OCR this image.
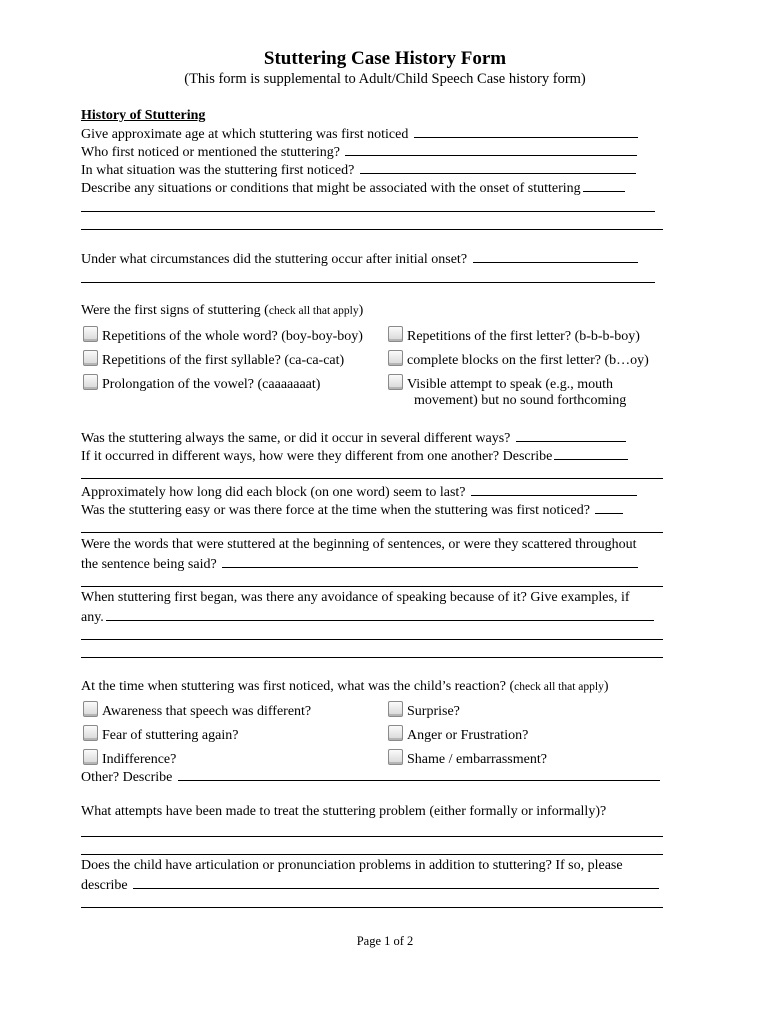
Stuttering Case History Form
(This form is supplemental to Adult/Child Speech Case history form)
History of Stuttering
Give approximate age at which stuttering was first noticed
Who first noticed or mentioned the stuttering?
In what situation was the stuttering first noticed?
Describe any situations or conditions that might be associated with the onset of stuttering
Under what circumstances did the stuttering occur after initial onset?
Were the first signs of stuttering (check all that apply)
Repetitions of the whole word? (boy-boy-boy)	Repetitions of the first letter? (b-b-b-boy)
Repetitions of the first syllable? (ca-ca-cat)	complete blocks on the first letter? (b…oy)
Prolongation of the vowel? (caaaaaaat)	Visible attempt to speak (e.g., mouth
movement) but no sound forthcoming
Was the stuttering always the same, or did it occur in several different ways?
If it occurred in different ways, how were they different from one another? Describe
Approximately how long did each block (on one word) seem to last?
Was the stuttering easy or was there force at the time when the stuttering was first noticed?
Were the words that were stuttered at the beginning of sentences, or were they scattered throughout
the sentence being said?
When stuttering first began, was there any avoidance of speaking because of it? Give examples, if
any.
At the time when stuttering was first noticed, what was the child’s reaction? (check all that apply)
Awareness that speech was different?	Surprise?
Fear of stuttering again?	Anger or Frustration?
Indifference?	Shame / embarrassment?
Other? Describe
What attempts have been made to treat the stuttering problem (either formally or informally)?
Does the child have articulation or pronunciation problems in addition to stuttering? If so, please
describe
Page 1 of 2
